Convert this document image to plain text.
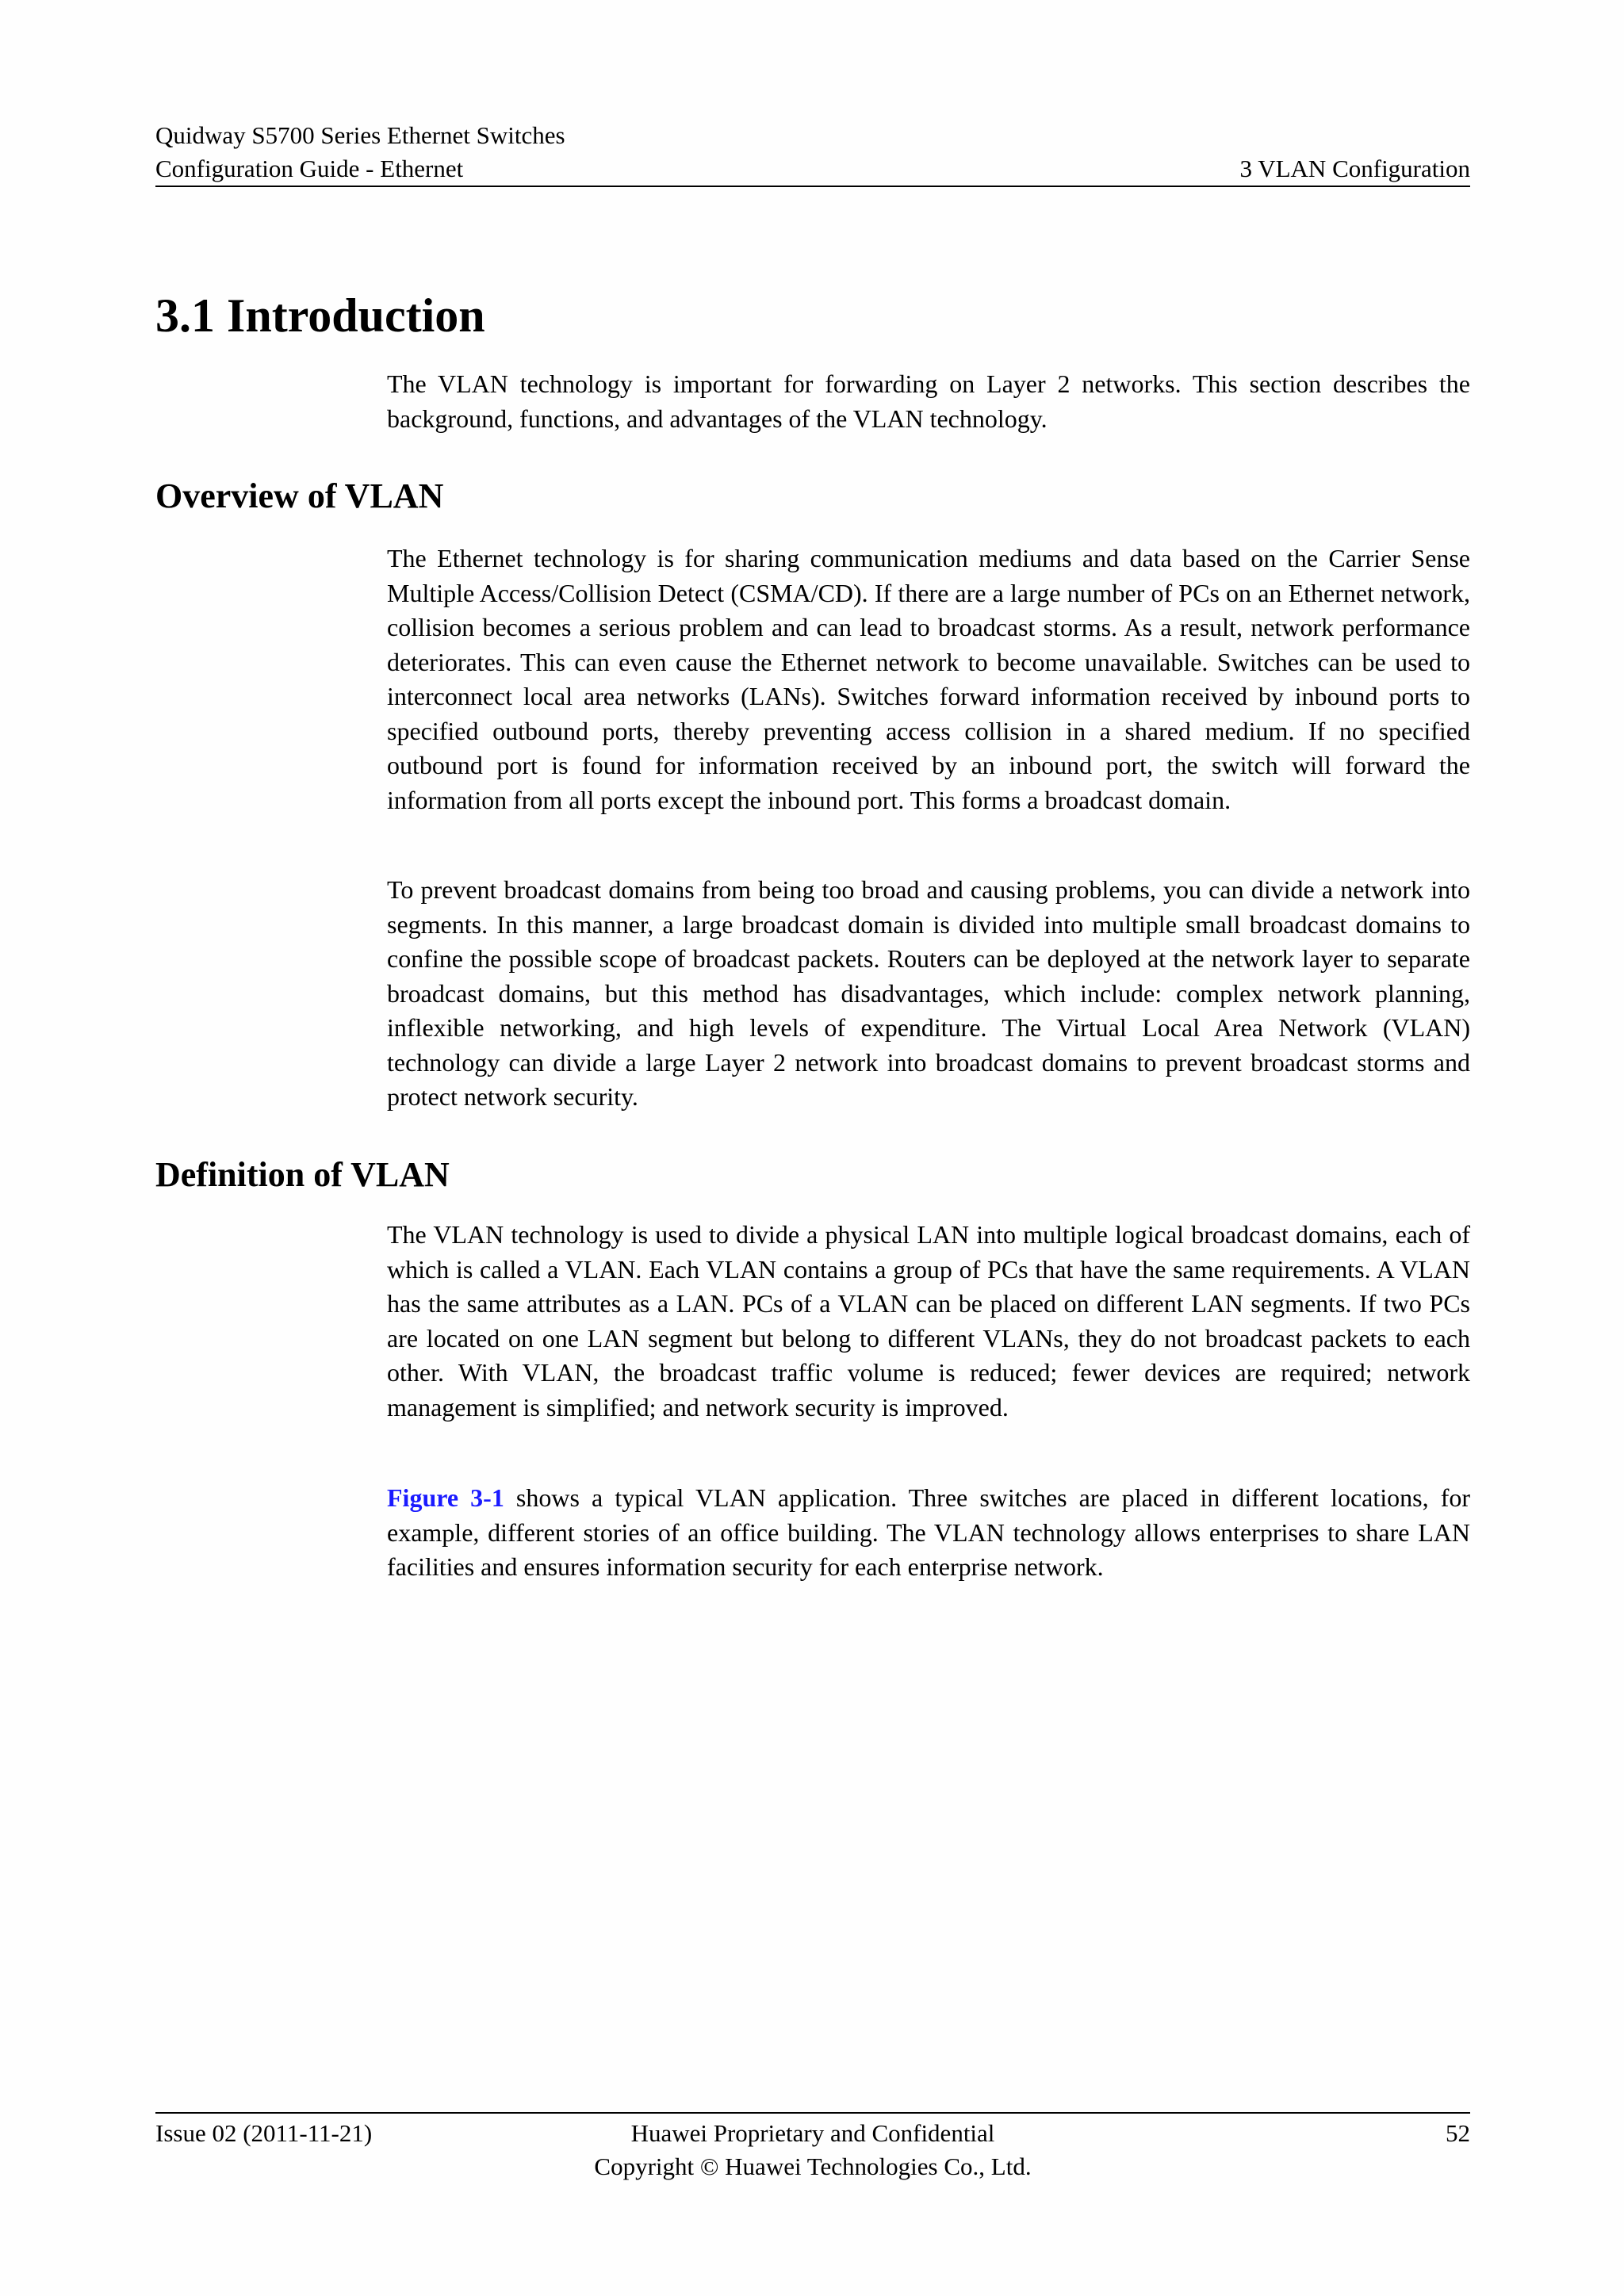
Quidway S5700 Series Ethernet Switches
Configuration Guide - Ethernet	3 VLAN Configuration
3.1 Introduction

The VLAN technology is important for forwarding on Layer 2 networks. This section describes the background, functions, and advantages of the VLAN technology.

Overview of VLAN

The Ethernet technology is for sharing communication mediums and data based on the Carrier Sense Multiple Access/Collision Detect (CSMA/CD). If there are a large number of PCs on an Ethernet network, collision becomes a serious problem and can lead to broadcast storms. As a result, network performance deteriorates. This can even cause the Ethernet network to become unavailable. Switches can be used to interconnect local area networks (LANs). Switches forward information received by inbound ports to specified outbound ports, thereby preventing access collision in a shared medium. If no specified outbound port is found for information received by an inbound port, the switch will forward the information from all ports except the inbound port. This forms a broadcast domain.

To prevent broadcast domains from being too broad and causing problems, you can divide a network into segments. In this manner, a large broadcast domain is divided into multiple small broadcast domains to confine the possible scope of broadcast packets. Routers can be deployed at the network layer to separate broadcast domains, but this method has disadvantages, which include: complex network planning, inflexible networking, and high levels of expenditure. The Virtual Local Area Network (VLAN) technology can divide a large Layer 2 network into broadcast domains to prevent broadcast storms and protect network security.

Definition of VLAN

The VLAN technology is used to divide a physical LAN into multiple logical broadcast domains, each of which is called a VLAN. Each VLAN contains a group of PCs that have the same requirements. A VLAN has the same attributes as a LAN. PCs of a VLAN can be placed on different LAN segments. If two PCs are located on one LAN segment but belong to different VLANs, they do not broadcast packets to each other. With VLAN, the broadcast traffic volume is reduced; fewer devices are required; network management is simplified; and network security is improved.

Figure 3-1 shows a typical VLAN application. Three switches are placed in different locations, for example, different stories of an office building. The VLAN technology allows enterprises to share LAN facilities and ensures information security for each enterprise network.

Issue 02 (2011-11-21)	Huawei Proprietary and Confidential
Copyright © Huawei Technologies Co., Ltd.
52
